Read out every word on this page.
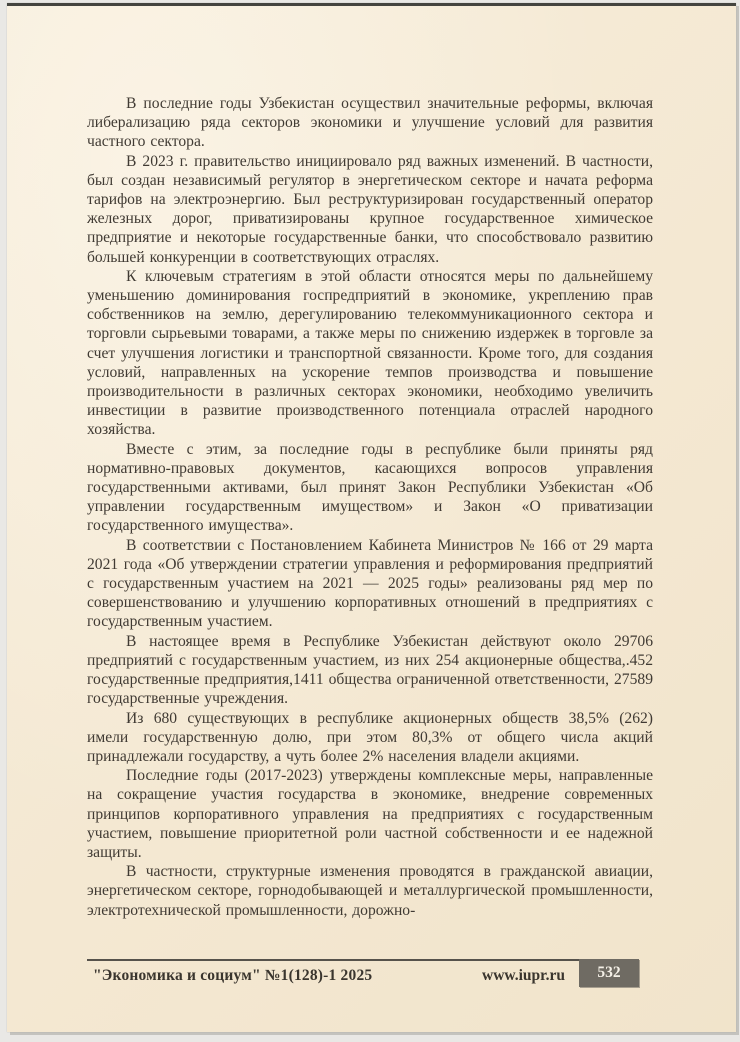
В последние годы Узбекистан осуществил значительные реформы, включая либерализацию ряда секторов экономики и улучшение условий для развития частного сектора.

В 2023 г. правительство инициировало ряд важных изменений. В частности, был создан независимый регулятор в энергетическом секторе и начата реформа тарифов на электроэнергию. Был реструктуризирован государственный оператор железных дорог, приватизированы крупное государственное химическое предприятие и некоторые государственные банки, что способствовало развитию большей конкуренции в соответствующих отраслях.

К ключевым стратегиям в этой области относятся меры по дальнейшему уменьшению доминирования госпредприятий в экономике, укреплению прав собственников на землю, дерегулированию телекоммуникационного сектора и торговли сырьевыми товарами, а также меры по снижению издержек в торговле за счет улучшения логистики и транспортной связанности. Кроме того, для создания условий, направленных на ускорение темпов производства и повышение производительности в различных секторах экономики, необходимо увеличить инвестиции в развитие производственного потенциала отраслей народного хозяйства.

Вместе с этим, за последние годы в республике были приняты ряд нормативно-правовых документов, касающихся вопросов управления государственными активами, был принят Закон Республики Узбекистан «Об управлении государственным имуществом» и Закон «О приватизации государственного имущества».

В соответствии с Постановлением Кабинета Министров № 166 от 29 марта 2021 года «Об утверждении стратегии управления и реформирования предприятий с государственным участием на 2021 — 2025 годы» реализованы ряд мер по совершенствованию и улучшению корпоративных отношений в предприятиях с государственным участием.

В настоящее время в Республике Узбекистан действуют около 29706 предприятий с государственным участием, из них 254 акционерные общества,.452 государственные предприятия,1411 общества ограниченной ответственности, 27589 государственные учреждения.

Из 680 существующих в республике акционерных обществ 38,5% (262) имели государственную долю, при этом 80,3% от общего числа акций принадлежали государству, а чуть более 2% населения владели акциями.

Последние годы (2017-2023) утверждены комплексные меры, направленные на сокращение участия государства в экономике, внедрение современных принципов корпоративного управления на предприятиях с государственным участием, повышение приоритетной роли частной собственности и ее надежной защиты.

В частности, структурные изменения проводятся в гражданской авиации, энергетическом секторе, горнодобывающей и металлургической промышленности, электротехнической промышленности, дорожно-

"Экономика и социум" №1(128)-1 2025	www.iupr.ru	532
